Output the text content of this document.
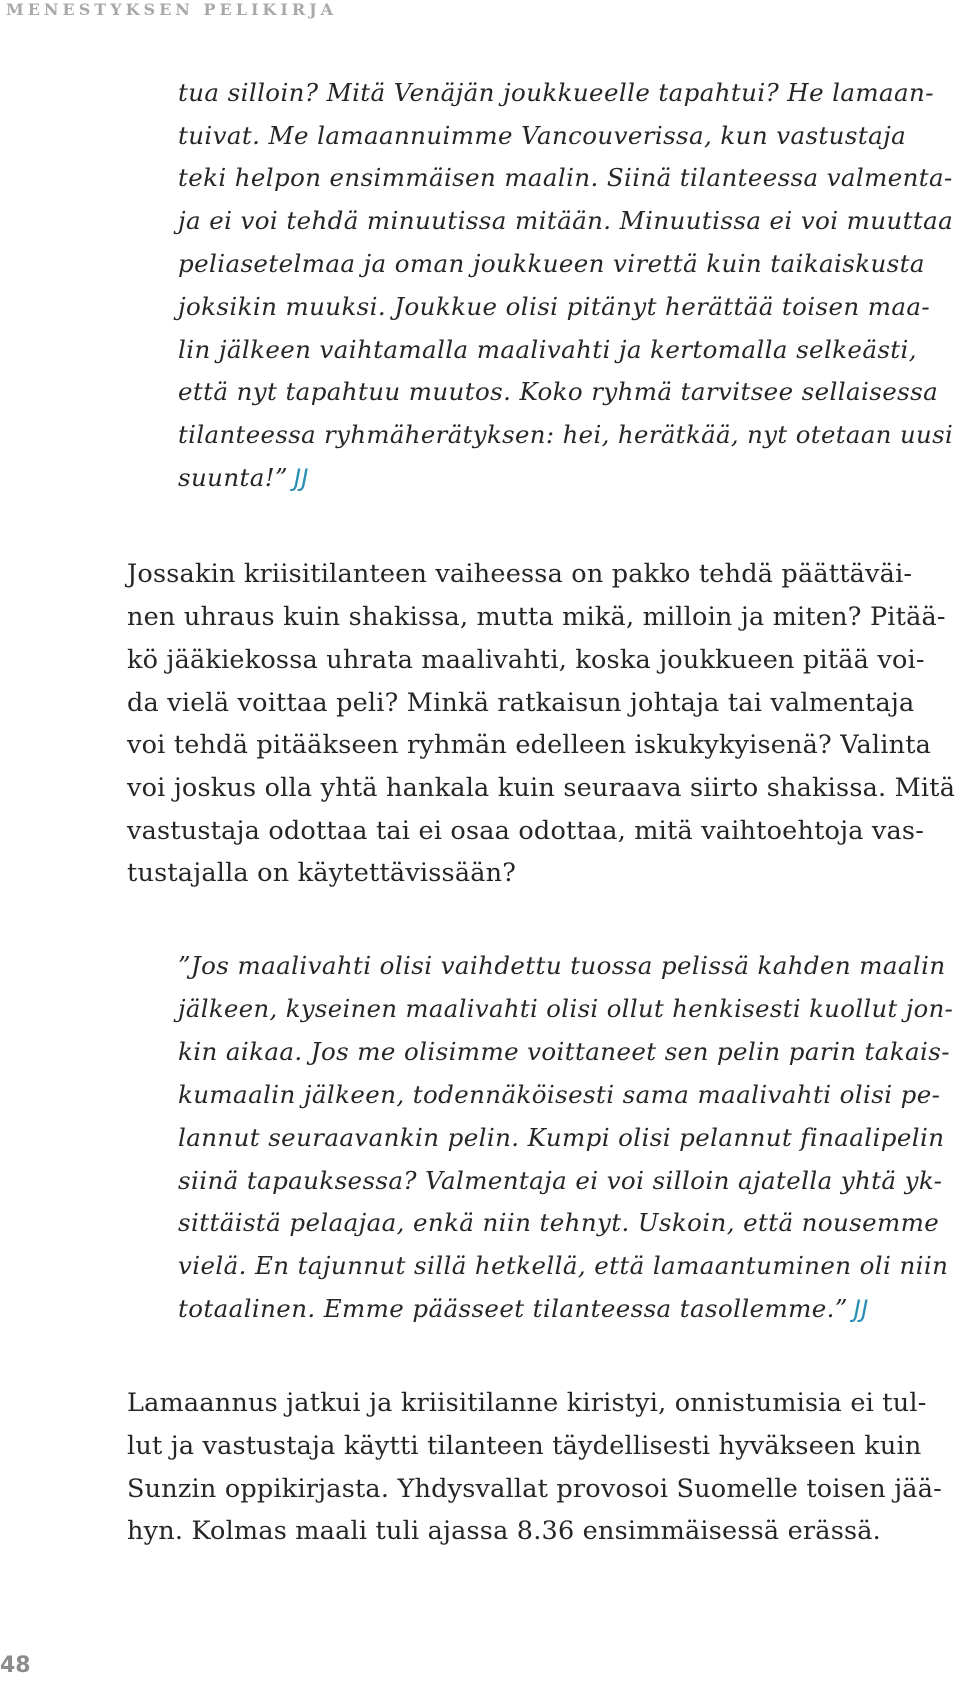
MENESTYKSEN PELIKIRJA
tua silloin? Mitä Venäjän joukkueelle tapahtui? He lamaan-
tuivat. Me lamaannuimme Vancouverissa, kun vastustaja
teki helpon ensimmäisen maalin. Siinä tilanteessa valmenta-
ja ei voi tehdä minuutissa mitään. Minuutissa ei voi muuttaa
peliasetelmaa ja oman joukkueen virettä kuin taikaiskusta
joksikin muuksi. Joukkue olisi pitänyt herättää toisen maa-
lin jälkeen vaihtamalla maalivahti ja kertomalla selkeästi,
että nyt tapahtuu muutos. Koko ryhmä tarvitsee sellaisessa
tilanteessa ryhmäherätyksen: hei, herätkää, nyt otetaan uusi
suunta!” JJ
Jossakin kriisitilanteen vaiheessa on pakko tehdä päättäväi-
nen uhraus kuin shakissa, mutta mikä, milloin ja miten? Pitää-
kö jääkiekossa uhrata maalivahti, koska joukkueen pitää voi-
da vielä voittaa peli? Minkä ratkaisun johtaja tai valmentaja
voi tehdä pitääkseen ryhmän edelleen iskukykyisenä? Valinta
voi joskus olla yhtä hankala kuin seuraava siirto shakissa. Mitä
vastustaja odottaa tai ei osaa odottaa, mitä vaihtoehtoja vas-
tustajalla on käytettävissään?
”Jos maalivahti olisi vaihdettu tuossa pelissä kahden maalin
jälkeen, kyseinen maalivahti olisi ollut henkisesti kuollut jon-
kin aikaa. Jos me olisimme voittaneet sen pelin parin takais-
kumaalin jälkeen, todennäköisesti sama maalivahti olisi pe-
lannut seuraavankin pelin. Kumpi olisi pelannut finaalipelin
siinä tapauksessa? Valmentaja ei voi silloin ajatella yhtä yk-
sittäistä pelaajaa, enkä niin tehnyt. Uskoin, että nousemme
vielä. En tajunnut sillä hetkellä, että lamaantuminen oli niin
totaalinen. Emme päässeet tilanteessa tasollemme.” JJ
Lamaannus jatkui ja kriisitilanne kiristyi, onnistumisia ei tul-
lut ja vastustaja käytti tilanteen täydellisesti hyväkseen kuin
Sunzin oppikirjasta. Yhdysvallat provosoi Suomelle toisen jää-
hyn. Kolmas maali tuli ajassa 8.36 ensimmäisessä erässä.
48
